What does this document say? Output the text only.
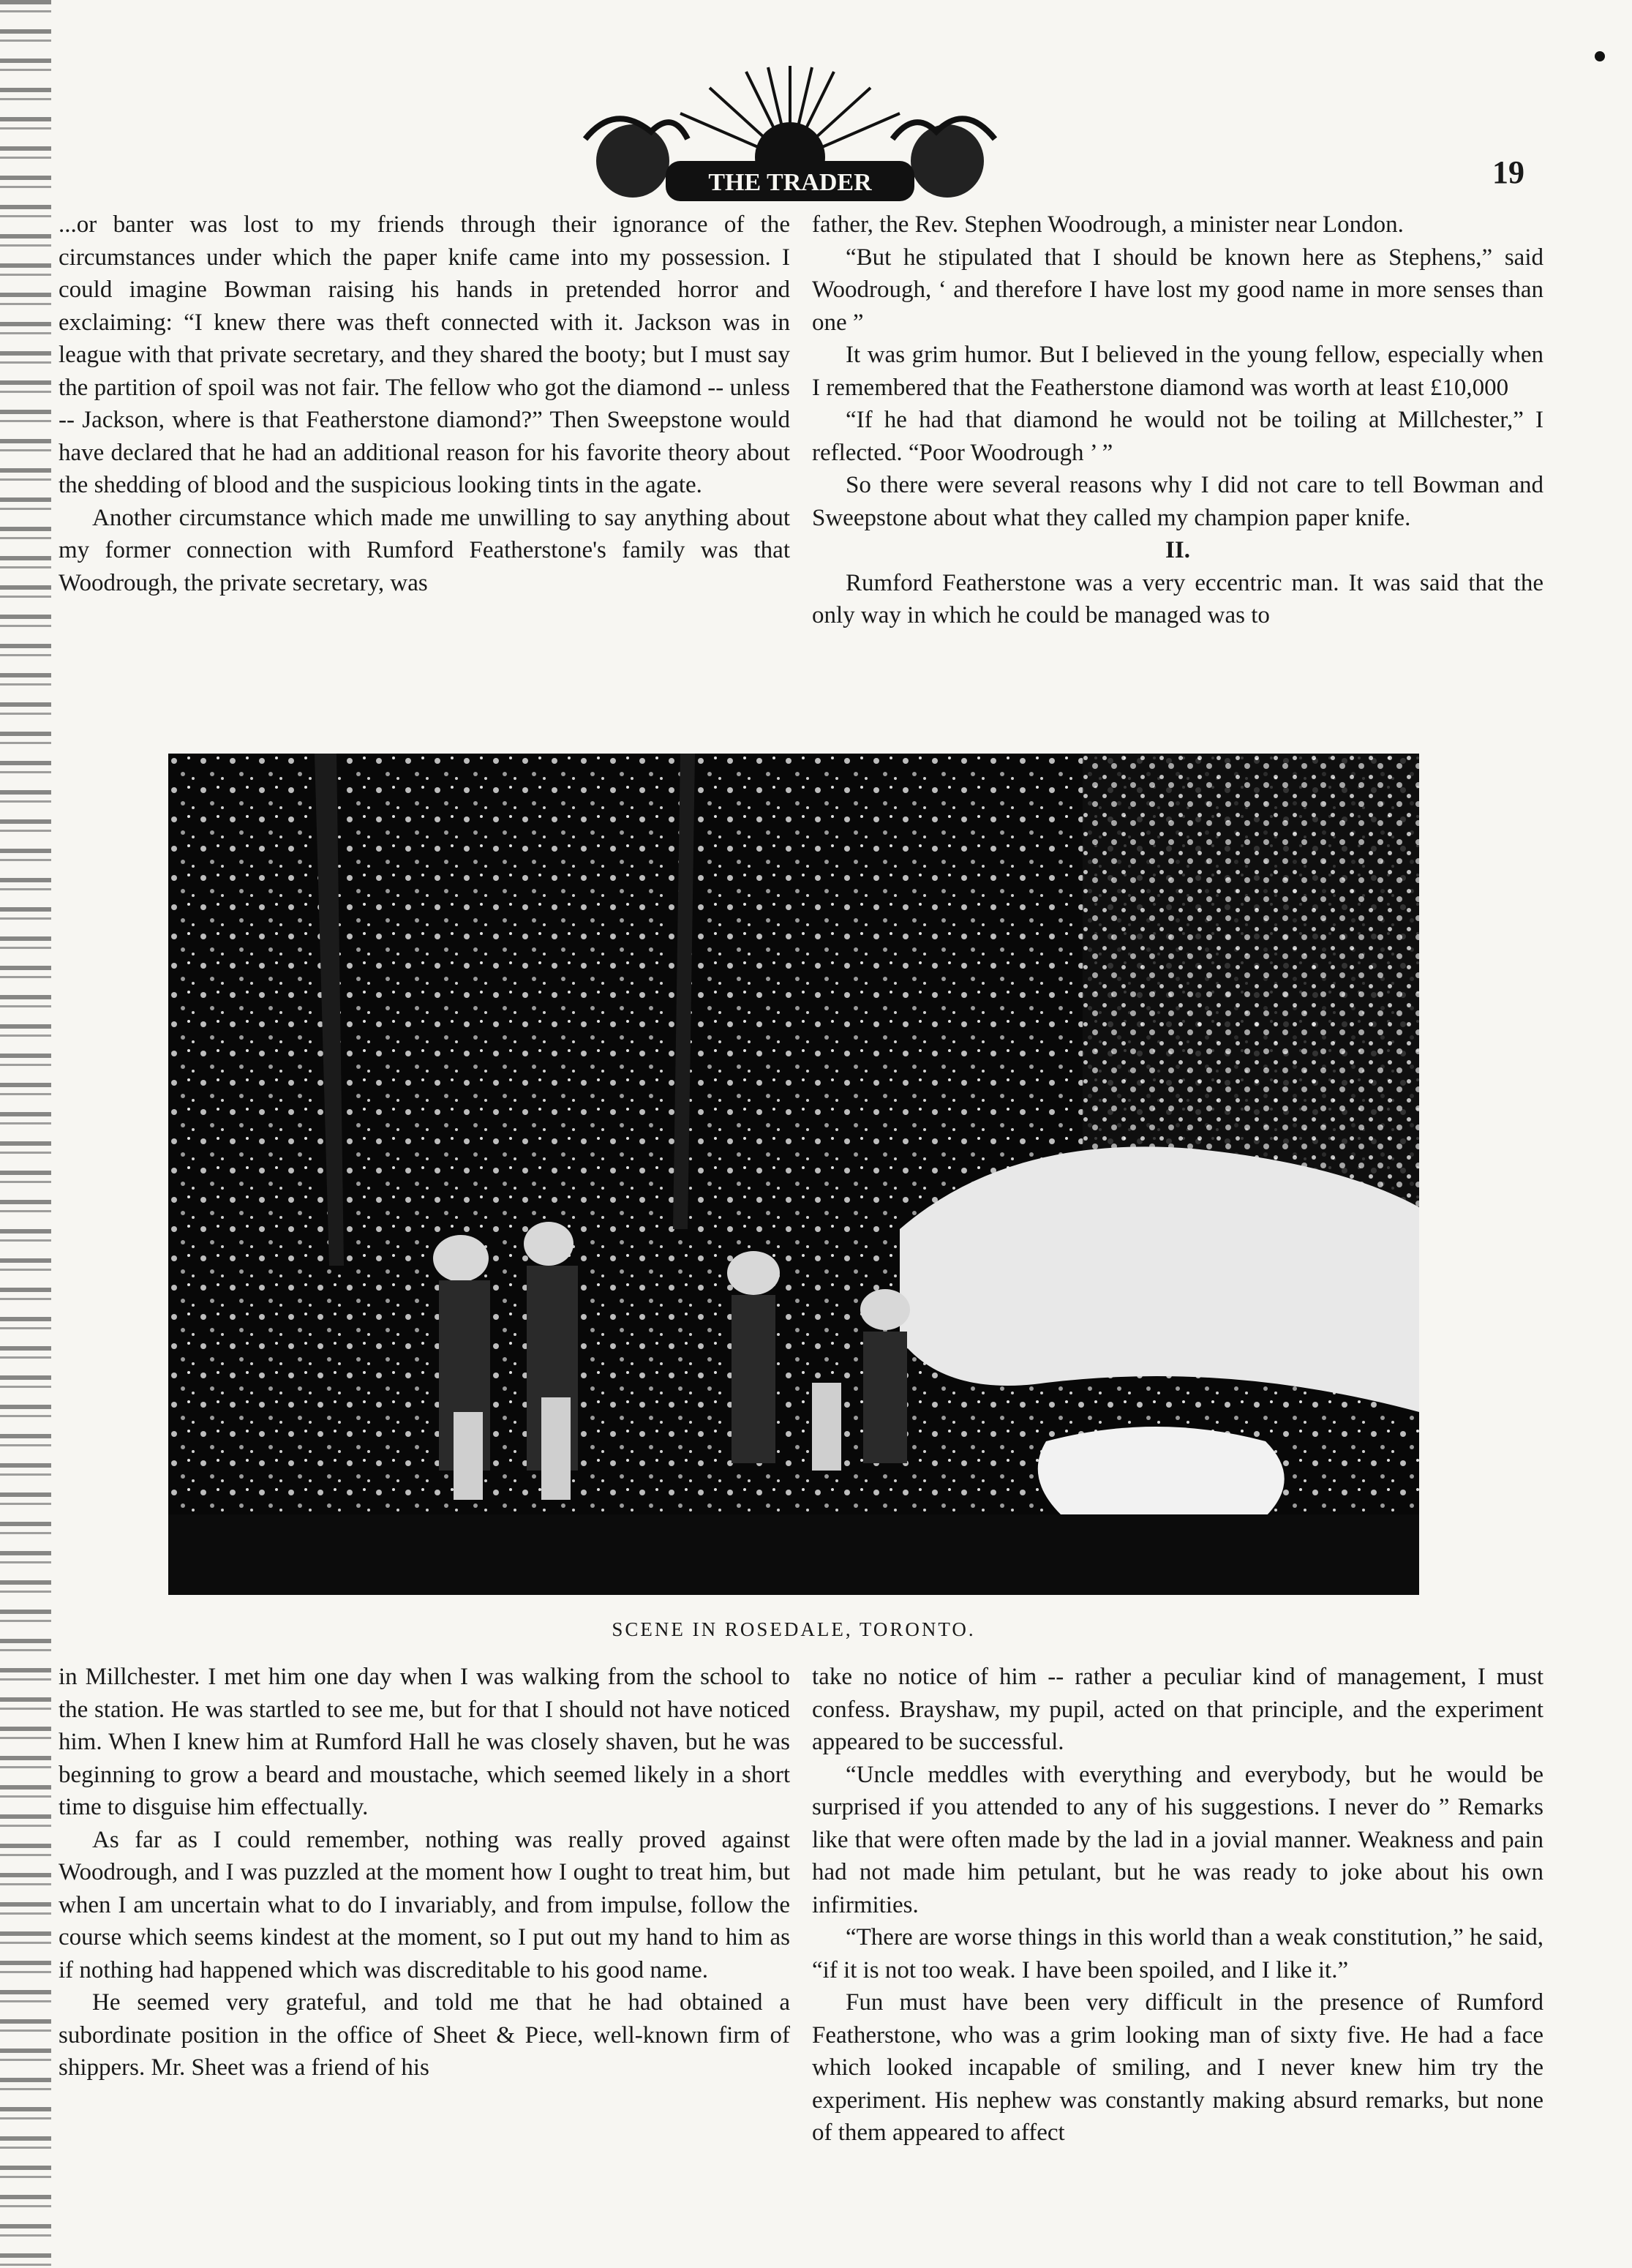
THE TRADER	19

...or banter was lost to my friends through their ignorance of the circumstances under which the paper knife came into my possession. I could imagine Bowman raising his hands in pretended horror and exclaiming: “I knew there was theft connected with it. Jackson was in league with that private secretary, and they shared the booty; but I must say the partition of spoil was not fair. The fellow who got the diamond -- unless -- Jackson, where is that Featherstone diamond?” Then Sweepstone would have declared that he had an additional reason for his favorite theory about the shedding of blood and the suspicious looking tints in the agate.

Another circumstance which made me unwilling to say anything about my former connection with Rumford Featherstone's family was that Woodrough, the private secretary, was

father, the Rev. Stephen Woodrough, a minister near London.

“But he stipulated that I should be known here as Stephens,” said Woodrough, ‘ and therefore I have lost my good name in more senses than one ”

It was grim humor. But I believed in the young fellow, especially when I remembered that the Featherstone diamond was worth at least £10,000

“If he had that diamond he would not be toiling at Millchester,” I reflected. “Poor Woodrough ’ ”

So there were several reasons why I did not care to tell Bowman and Sweepstone about what they called my champion paper knife.

II.

Rumford Featherstone was a very eccentric man. It was said that the only way in which he could be managed was to

SCENE IN ROSEDALE, TORONTO.

in Millchester. I met him one day when I was walking from the school to the station. He was startled to see me, but for that I should not have noticed him. When I knew him at Rumford Hall he was closely shaven, but he was beginning to grow a beard and moustache, which seemed likely in a short time to disguise him effectually.

As far as I could remember, nothing was really proved against Woodrough, and I was puzzled at the moment how I ought to treat him, but when I am uncertain what to do I invariably, and from impulse, follow the course which seems kindest at the moment, so I put out my hand to him as if nothing had happened which was discreditable to his good name.

He seemed very grateful, and told me that he had obtained a subordinate position in the office of Sheet & Piece, well-known firm of shippers. Mr. Sheet was a friend of his

take no notice of him -- rather a peculiar kind of management, I must confess. Brayshaw, my pupil, acted on that principle, and the experiment appeared to be successful.

“Uncle meddles with everything and everybody, but he would be surprised if you attended to any of his suggestions. I never do ” Remarks like that were often made by the lad in a jovial manner. Weakness and pain had not made him petulant, but he was ready to joke about his own infirmities.

“There are worse things in this world than a weak constitution,” he said, “if it is not too weak. I have been spoiled, and I like it.”

Fun must have been very difficult in the presence of Rumford Featherstone, who was a grim looking man of sixty five. He had a face which looked incapable of smiling, and I never knew him try the experiment. His nephew was constantly making absurd remarks, but none of them appeared to affect
